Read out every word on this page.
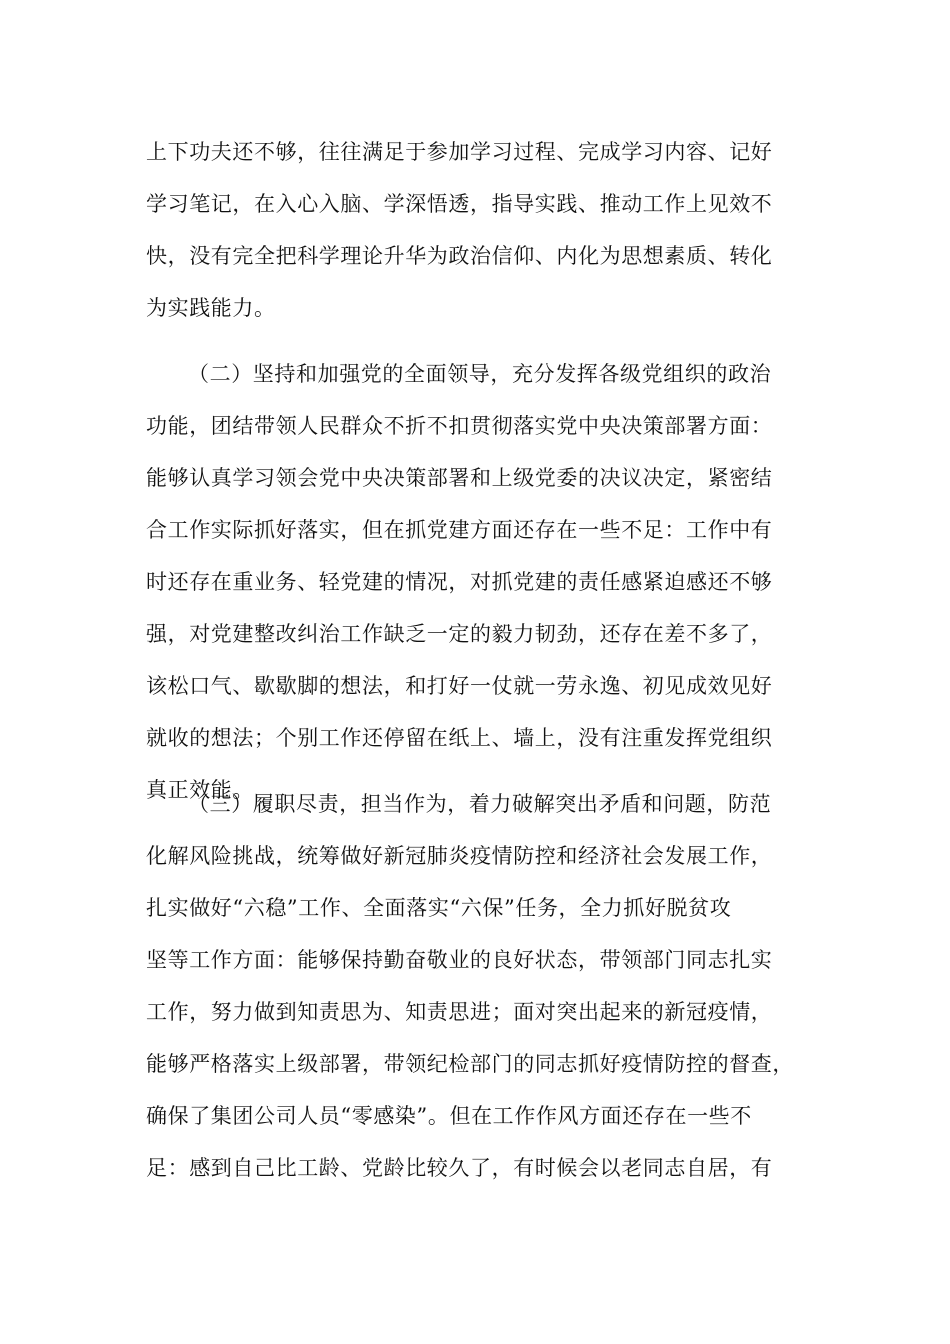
上下功夫还不够，往往满足于参加学习过程、完成学习内容、记好
学习笔记，在入心入脑、学深悟透，指导实践、推动工作上见效不
快，没有完全把科学理论升华为政治信仰、内化为思想素质、转化
为实践能力。
（二）坚持和加强党的全面领导，充分发挥各级党组织的政治
功能，团结带领人民群众不折不扣贯彻落实党中央决策部署方面：
能够认真学习领会党中央决策部署和上级党委的决议决定，紧密结
合工作实际抓好落实，但在抓党建方面还存在一些不足：工作中有
时还存在重业务、轻党建的情况，对抓党建的责任感紧迫感还不够
强，对党建整改纠治工作缺乏一定的毅力韧劲，还存在差不多了，
该松口气、歇歇脚的想法，和打好一仗就一劳永逸、初见成效见好
就收的想法；个别工作还停留在纸上、墙上，没有注重发挥党组织
真正效能。
（三）履职尽责，担当作为，着力破解突出矛盾和问题，防范
化解风险挑战，统筹做好新冠肺炎疫情防控和经济社会发展工作，
扎实做好“六稳”工作、全面落实“六保”任务，全力抓好脱贫攻
坚等工作方面：能够保持勤奋敬业的良好状态，带领部门同志扎实
工作，努力做到知责思为、知责思进；面对突出起来的新冠疫情，
能够严格落实上级部署，带领纪检部门的同志抓好疫情防控的督查，
确保了集团公司人员“零感染”。但在工作作风方面还存在一些不
足：感到自己比工龄、党龄比较久了，有时候会以老同志自居，有
